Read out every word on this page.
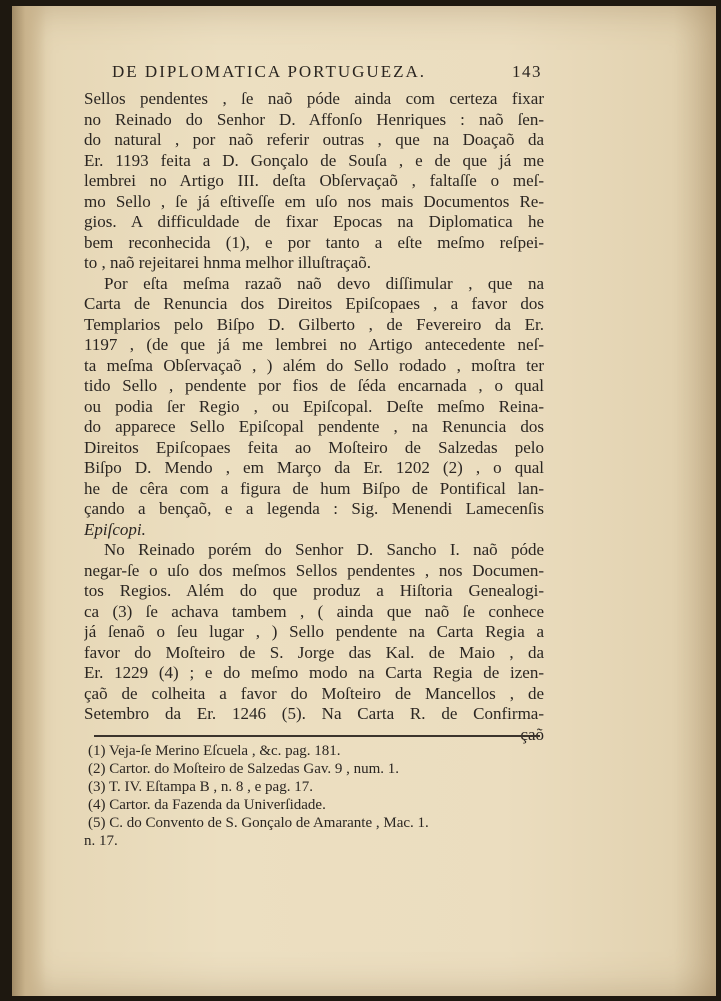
DE DIPLOMATICA PORTUGUEZA.	143
Sellos pendentes , ſe naõ póde ainda com certeza fixar
no Reinado do Senhor D. Affonſo Henriques : naõ ſen-
do natural , por naõ referir outras , que na Doaçaõ da
Er. 1193 feita a D. Gonçalo de Souſa , e de que já me
lembrei no Artigo III. deſta Obſervaçaõ , faltaſſe o meſ-
mo Sello , ſe já eſtiveſſe em uſo nos mais Documentos Re-
gios. A difficuldade de fixar Epocas na Diplomatica he
bem reconhecida (1), e por tanto a eſte meſmo reſpei-
to , naõ rejeitarei hnma melhor illuſtraçaõ.
Por eſta meſma razaõ naõ devo diſſimular , que na
Carta de Renuncia dos Direitos Epiſcopaes , a favor dos
Templarios pelo Biſpo D. Gilberto , de Fevereiro da Er.
1197 , (de que já me lembrei no Artigo antecedente neſ-
ta meſma Obſervaçaõ , ) além do Sello rodado , moſtra ter
tido Sello , pendente por fios de ſéda encarnada , o qual
ou podia ſer Regio , ou Epiſcopal. Deſte meſmo Reina-
do apparece Sello Epiſcopal pendente , na Renuncia dos
Direitos Epiſcopaes feita ao Moſteiro de Salzedas pelo
Biſpo D. Mendo , em Março da Er. 1202 (2) , o qual
he de cêra com a figura de hum Biſpo de Pontifical lan-
çando a bençaõ, e a legenda : Sig. Menendi Lamecenſis
Epiſcopi.
No Reinado porém do Senhor D. Sancho I. naõ póde
negar-ſe o uſo dos meſmos Sellos pendentes , nos Documen-
tos Regios. Além do que produz a Hiſtoria Genealogi-
ca (3) ſe achava tambem , ( ainda que naõ ſe conhece
já ſenaõ o ſeu lugar , ) Sello pendente na Carta Regia a
favor do Moſteiro de S. Jorge das Kal. de Maio , da
Er. 1229 (4) ; e do meſmo modo na Carta Regia de izen-
çaõ de colheita a favor do Moſteiro de Mancellos , de
Setembro da Er. 1246 (5). Na Carta R. de Confirma-
çaõ
(1) Veja-ſe Merino Eſcuela , &c. pag. 181.
(2) Cartor. do Moſteiro de Salzedas Gav. 9 , num. 1.
(3) T. IV. Eſtampa B , n. 8 , e pag. 17.
(4) Cartor. da Fazenda da Univerſidade.
(5) C. do Convento de S. Gonçalo de Amarante , Mac. 1.
n. 17.
